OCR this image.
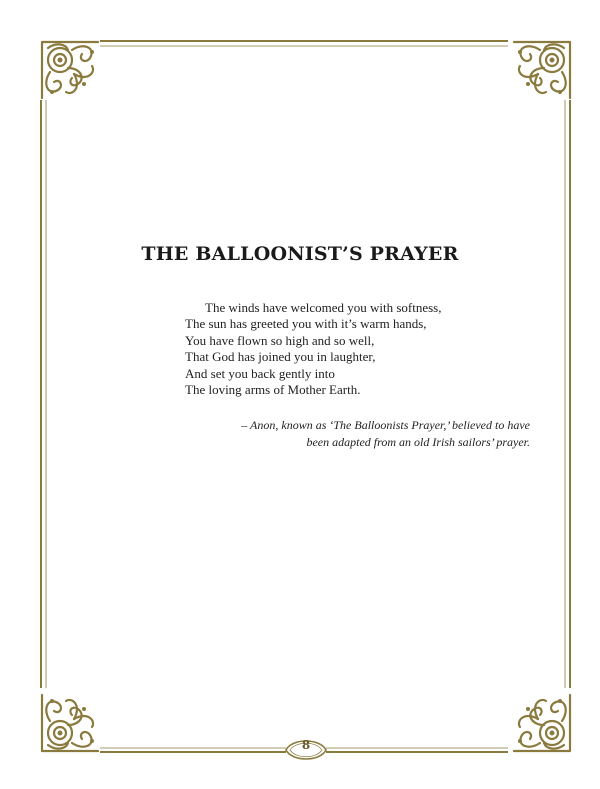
THE BALLOONIST’S PRAYER
The winds have welcomed you with softness,
The sun has greeted you with it’s warm hands,
You have flown so high and so well,
That God has joined you in laughter,
And set you back gently into
The loving arms of Mother Earth.
– Anon, known as ‘The Balloonists Prayer,’ believed to have
been adapted from an old Irish sailors’ prayer.
8
